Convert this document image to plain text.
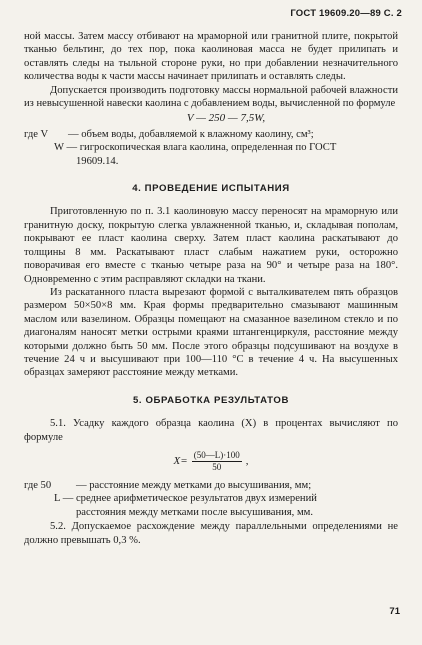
ГОСТ 19609.20—89 С. 2

ной массы. Затем массу отбивают на мраморной или гранитной плите, покрытой тканью бельтинг, до тех пор, пока каолиновая масса не будет прилипать и оставлять следы на тыльной стороне руки, но при добавлении незначительного количества воды к части массы начинает прилипать и оставлять следы.

Допускается производить подготовку массы нормальной рабочей влажности из невысушенной навески каолина с добавлением воды, вычисленной по формуле

V — 250 — 7,5W,

где V	— объем воды, добавляемой к влажному каолину, см³;

W — гигроскопическая влага каолина, определенная по ГОСТ

19609.14.

4. ПРОВЕДЕНИЕ ИСПЫТАНИЯ

Приготовленную по п. 3.1 каолиновую массу переносят на мраморную или гранитную доску, покрытую слегка увлажненной тканью, и, складывая пополам, покрывают ее пласт каолина сверху. Затем пласт каолина раскатывают до толщины 8 мм. Раскатывают пласт слабым нажатием руки, осторожно поворачивая его вместе с тканью четыре раза на 90° и четыре раза на 180°. Одновременно с этим расправляют складки на ткани.

Из раскатанного пласта вырезают формой с выталкивателем пять образцов размером 50×50×8 мм. Края формы предварительно смазывают машинным маслом или вазелином. Образцы помещают на смазанное вазелином стекло и по диагоналям наносят метки острыми краями штангенциркуля, расстояние между которыми должно быть 50 мм. После этого образцы подсушивают на воздухе в течение 24 ч и высушивают при 100—110 °С в течение 4 ч. На высушенных образцах замеряют расстояние между метками.

5. ОБРАБОТКА РЕЗУЛЬТАТОВ

5.1. Усадку каждого образца каолина (X) в процентах вычисляют по формуле

$X= \frac{(50—L)\cdot 100}{50}$ ,
где 50	— расстояние между метками до высушивания, мм;

L — среднее арифметическое результатов двух измерений

расстояния между метками после высушивания, мм.

5.2. Допускаемое расхождение между параллельными определениями не должно превышать 0,3 %.

71
